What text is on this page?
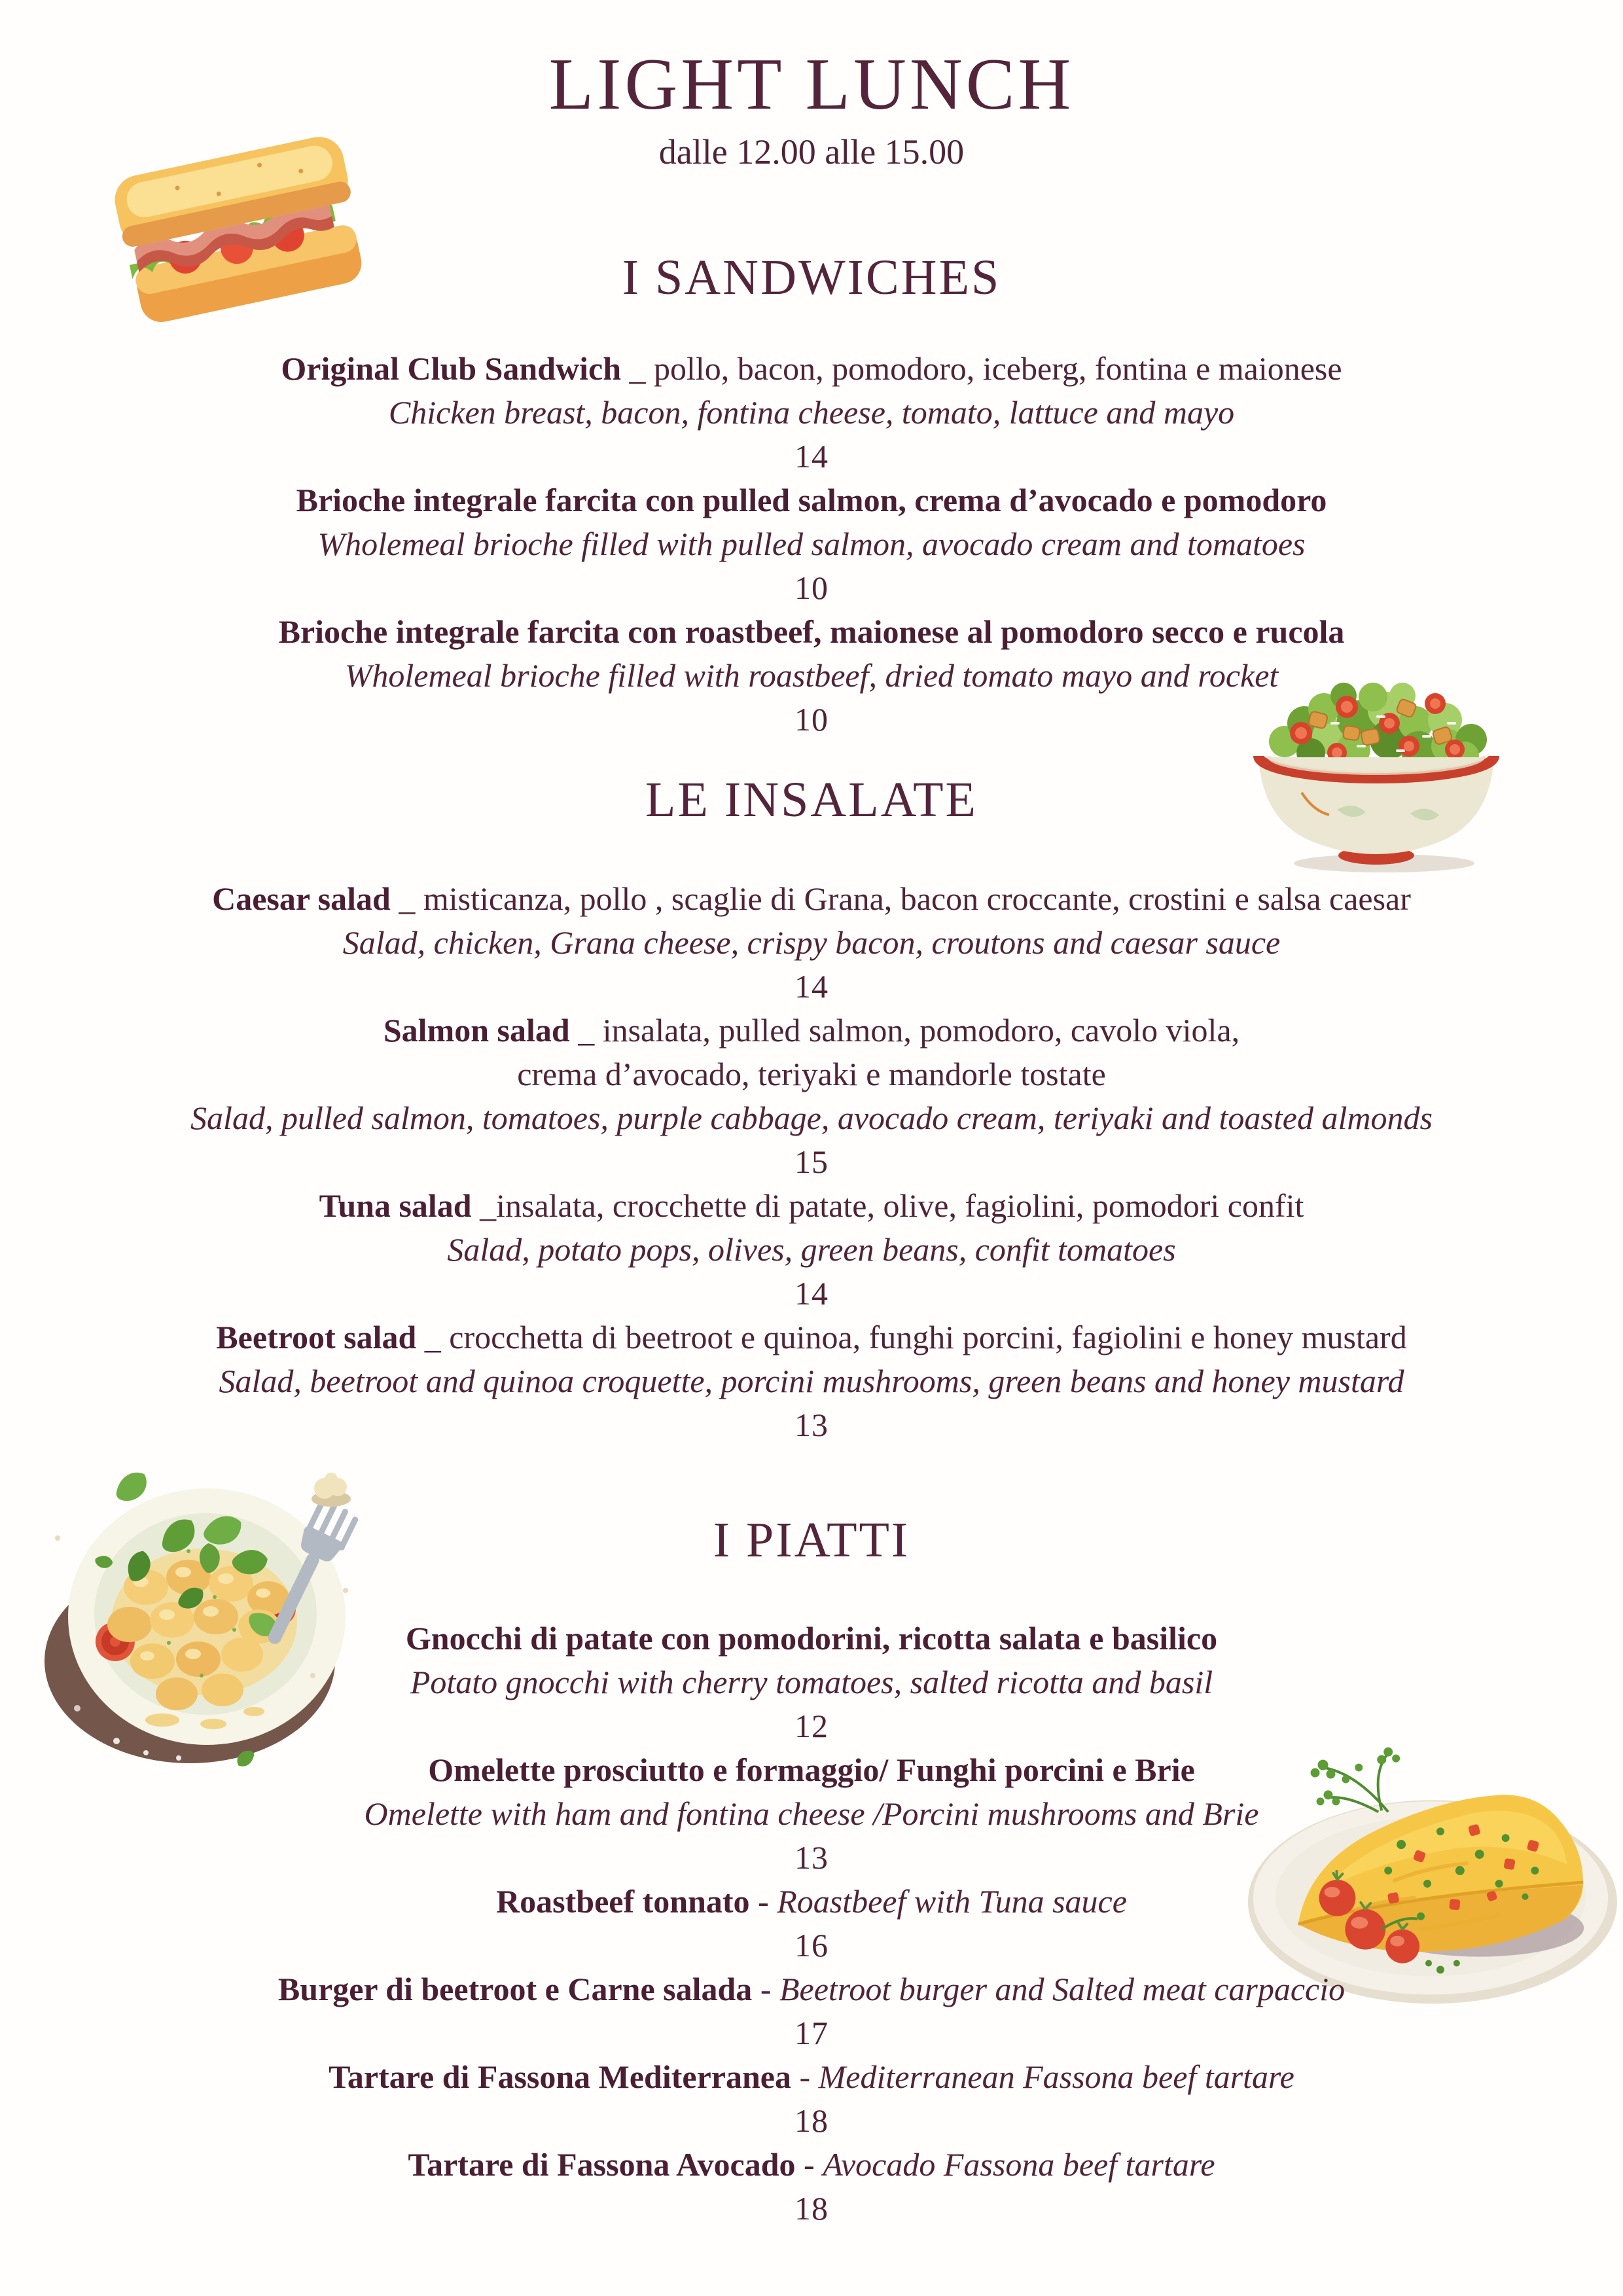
LIGHT LUNCH
dalle 12.00 alle 15.00
I SANDWICHES
Original Club Sandwich _ pollo, bacon, pomodoro, iceberg, fontina e maionese
Chicken breast, bacon, fontina cheese, tomato, lattuce and mayo
14
Brioche integrale farcita con pulled salmon, crema d’avocado e pomodoro
Wholemeal brioche filled with pulled salmon, avocado cream and tomatoes
10
Brioche integrale farcita con roastbeef, maionese al pomodoro secco e rucola
Wholemeal brioche filled with roastbeef, dried tomato mayo and rocket
10
LE INSALATE
Caesar salad _ misticanza, pollo , scaglie di Grana, bacon croccante, crostini e salsa caesar
Salad, chicken, Grana cheese, crispy bacon, croutons and caesar sauce
14
Salmon salad _ insalata, pulled salmon, pomodoro, cavolo viola,
crema d’avocado, teriyaki e mandorle tostate
Salad, pulled salmon, tomatoes, purple cabbage, avocado cream, teriyaki and toasted almonds
15
Tuna salad _insalata, crocchette di patate, olive, fagiolini, pomodori confit
Salad, potato pops, olives, green beans, confit tomatoes
14
Beetroot salad _ crocchetta di beetroot e quinoa, funghi porcini, fagiolini e honey mustard
Salad, beetroot and quinoa croquette, porcini mushrooms, green beans and honey mustard
13
I PIATTI
Gnocchi di patate con pomodorini, ricotta salata e basilico
Potato gnocchi with cherry tomatoes, salted ricotta and basil
12
Omelette prosciutto e formaggio/ Funghi porcini e Brie
Omelette with ham and fontina cheese /Porcini mushrooms and Brie
13
Roastbeef tonnato - Roastbeef with Tuna sauce
16
Burger di beetroot e Carne salada - Beetroot burger and Salted meat carpaccio
17
Tartare di Fassona Mediterranea - Mediterranean Fassona beef tartare
18
Tartare di Fassona Avocado - Avocado Fassona beef tartare
18
